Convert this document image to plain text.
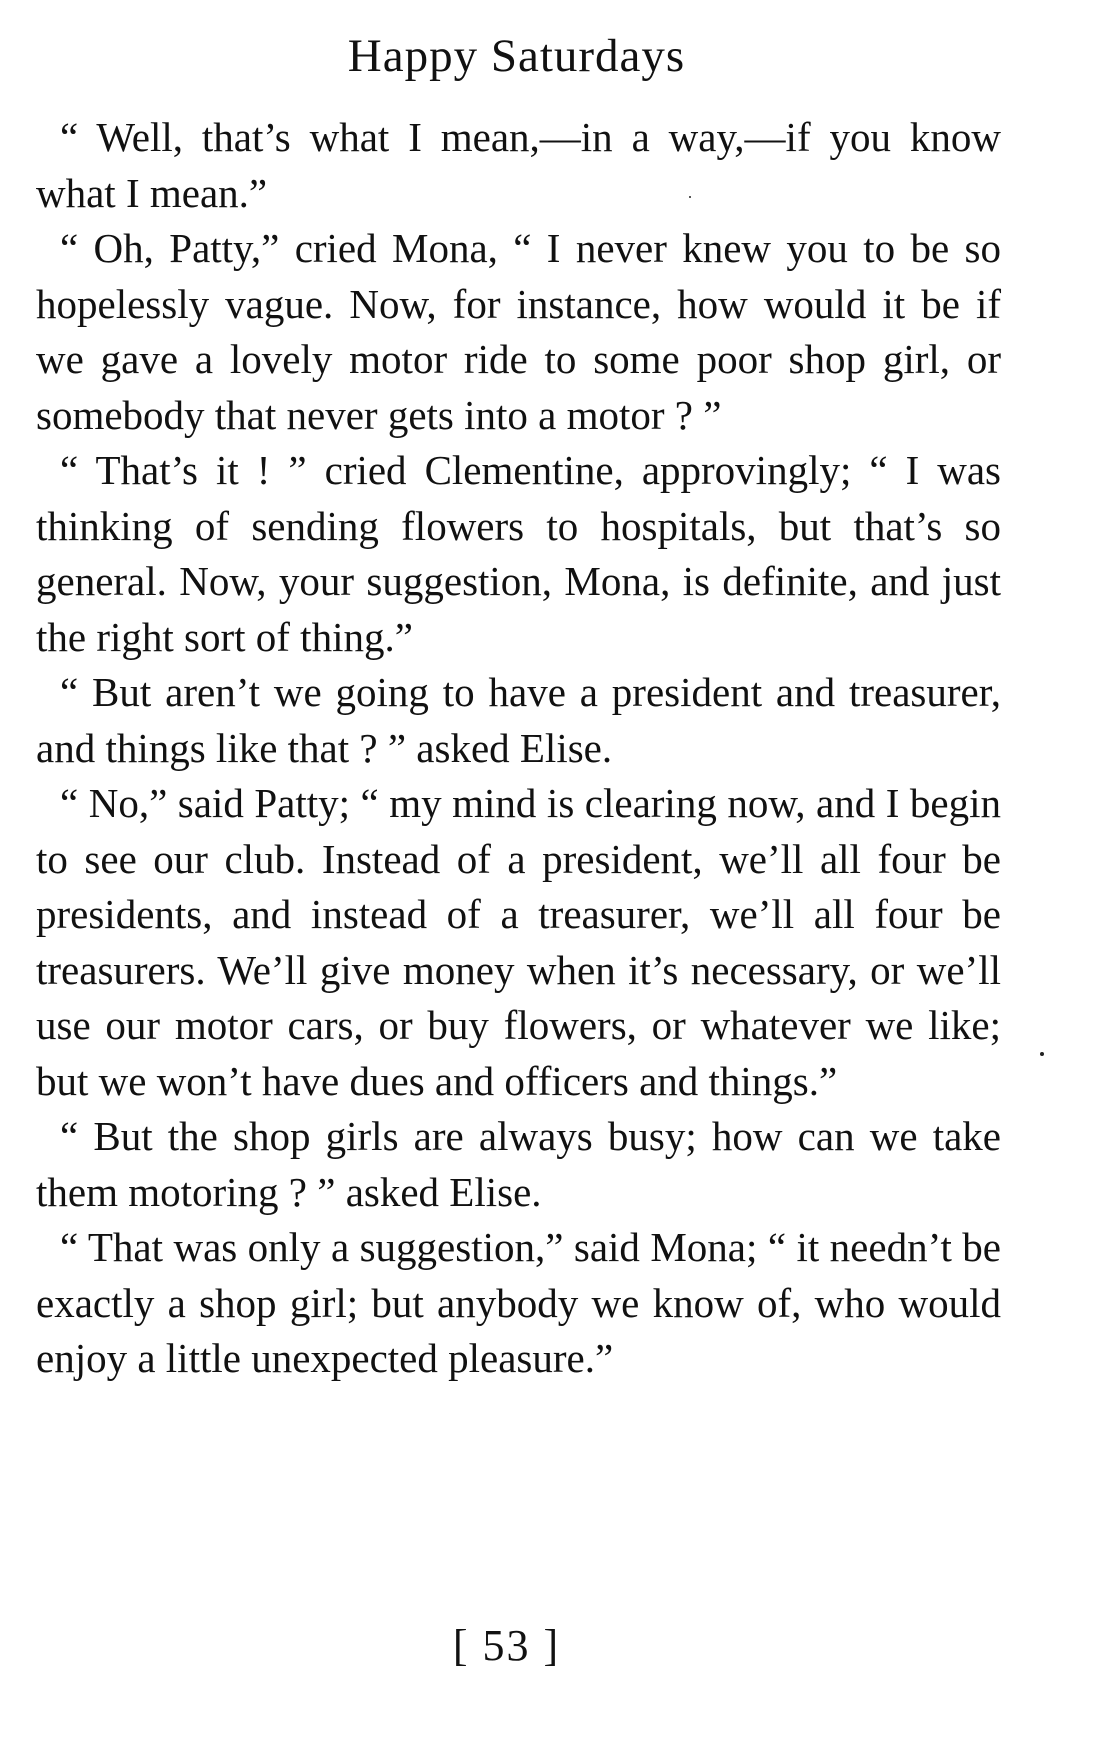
Happy Saturdays

“ Well, that’s what I mean,—in a way,—if you know what I mean.”

“ Oh, Patty,” cried Mona, “ I never knew you to be so hopelessly vague. Now, for instance, how would it be if we gave a lovely motor ride to some poor shop girl, or somebody that never gets into a motor ? ”

“ That’s it ! ” cried Clementine, approvingly; “ I was thinking of sending flowers to hospitals, but that’s so general. Now, your suggestion, Mona, is definite, and just the right sort of thing.”

“ But aren’t we going to have a president and treasurer, and things like that ? ” asked Elise.

“ No,” said Patty; “ my mind is clearing now, and I begin to see our club. Instead of a president, we’ll all four be presidents, and instead of a treasurer, we’ll all four be treasurers. We’ll give money when it’s necessary, or we’ll use our motor cars, or buy flowers, or whatever we like; but we won’t have dues and officers and things.”

“ But the shop girls are always busy; how can we take them motoring ? ” asked Elise.

“ That was only a suggestion,” said Mona; “ it needn’t be exactly a shop girl; but anybody we know of, who would enjoy a little unexpected pleasure.”

[ 53 ]
